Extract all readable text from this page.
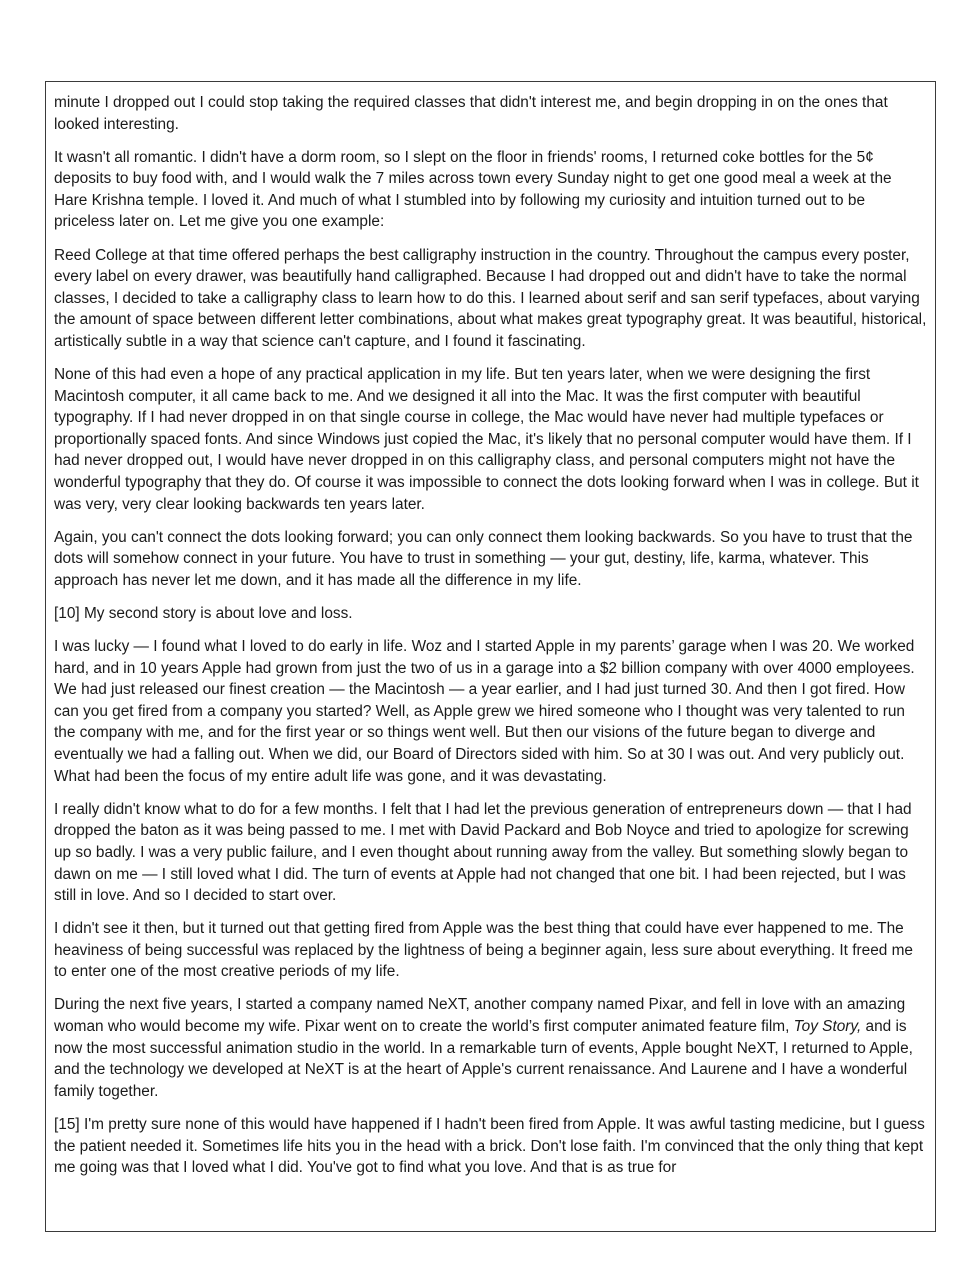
minute I dropped out I could stop taking the required classes that didn't interest me, and begin dropping in on the ones that looked interesting.

It wasn't all romantic. I didn't have a dorm room, so I slept on the floor in friends' rooms, I returned coke bottles for the 5¢ deposits to buy food with, and I would walk the 7 miles across town every Sunday night to get one good meal a week at the Hare Krishna temple. I loved it. And much of what I stumbled into by following my curiosity and intuition turned out to be priceless later on. Let me give you one example:

Reed College at that time offered perhaps the best calligraphy instruction in the country. Throughout the campus every poster, every label on every drawer, was beautifully hand calligraphed. Because I had dropped out and didn't have to take the normal classes, I decided to take a calligraphy class to learn how to do this. I learned about serif and san serif typefaces, about varying the amount of space between different letter combinations, about what makes great typography great. It was beautiful, historical, artistically subtle in a way that science can't capture, and I found it fascinating.

None of this had even a hope of any practical application in my life. But ten years later, when we were designing the first Macintosh computer, it all came back to me. And we designed it all into the Mac. It was the first computer with beautiful typography. If I had never dropped in on that single course in college, the Mac would have never had multiple typefaces or proportionally spaced fonts. And since Windows just copied the Mac, it's likely that no personal computer would have them. If I had never dropped out, I would have never dropped in on this calligraphy class, and personal computers might not have the wonderful typography that they do. Of course it was impossible to connect the dots looking forward when I was in college. But it was very, very clear looking backwards ten years later.

Again, you can't connect the dots looking forward; you can only connect them looking backwards. So you have to trust that the dots will somehow connect in your future. You have to trust in something — your gut, destiny, life, karma, whatever. This approach has never let me down, and it has made all the difference in my life.

[10] My second story is about love and loss.

I was lucky — I found what I loved to do early in life. Woz and I started Apple in my parents’ garage when I was 20. We worked hard, and in 10 years Apple had grown from just the two of us in a garage into a $2 billion company with over 4000 employees. We had just released our finest creation — the Macintosh — a year earlier, and I had just turned 30. And then I got fired. How can you get fired from a company you started? Well, as Apple grew we hired someone who I thought was very talented to run the company with me, and for the first year or so things went well. But then our visions of the future began to diverge and eventually we had a falling out. When we did, our Board of Directors sided with him. So at 30 I was out. And very publicly out. What had been the focus of my entire adult life was gone, and it was devastating.

I really didn't know what to do for a few months. I felt that I had let the previous generation of entrepreneurs down — that I had dropped the baton as it was being passed to me. I met with David Packard and Bob Noyce and tried to apologize for screwing up so badly. I was a very public failure, and I even thought about running away from the valley. But something slowly began to dawn on me — I still loved what I did. The turn of events at Apple had not changed that one bit. I had been rejected, but I was still in love. And so I decided to start over.

I didn't see it then, but it turned out that getting fired from Apple was the best thing that could have ever happened to me. The heaviness of being successful was replaced by the lightness of being a beginner again, less sure about everything. It freed me to enter one of the most creative periods of my life.

During the next five years, I started a company named NeXT, another company named Pixar, and fell in love with an amazing woman who would become my wife. Pixar went on to create the world’s first computer animated feature film, Toy Story, and is now the most successful animation studio in the world. In a remarkable turn of events, Apple bought NeXT, I returned to Apple, and the technology we developed at NeXT is at the heart of Apple's current renaissance. And Laurene and I have a wonderful family together.

[15] I'm pretty sure none of this would have happened if I hadn't been fired from Apple. It was awful tasting medicine, but I guess the patient needed it. Sometimes life hits you in the head with a brick. Don't lose faith. I'm convinced that the only thing that kept me going was that I loved what I did. You've got to find what you love. And that is as true for
